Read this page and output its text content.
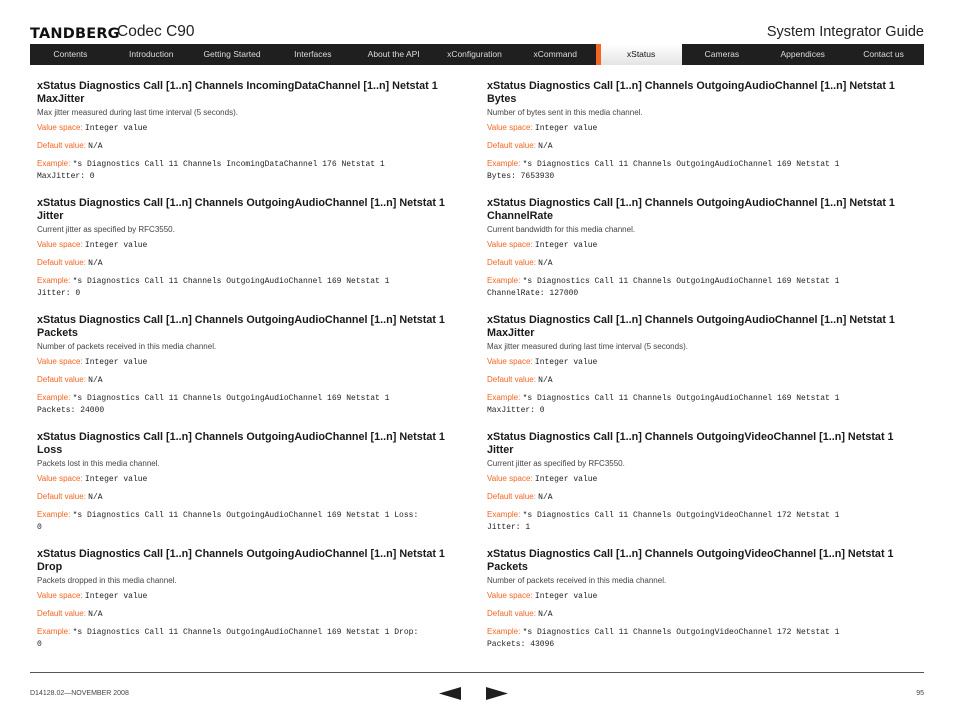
TANDBERG
Codec C90	System Integrator Guide
Contents	Introduction	Getting Started	Interfaces	About the API	xConfiguration	xCommand	xStatus	Cameras	Appendices	Contact us
xStatus Diagnostics Call [1..n] Channels IncomingDataChannel [1..n] Netstat 1 MaxJitter
Max jitter measured during last time interval (5 seconds).
Value space: Integer value
Default value: N/A
Example: *s Diagnostics Call 11 Channels IncomingDataChannel 176 Netstat 1
MaxJitter: 0
xStatus Diagnostics Call [1..n] Channels OutgoingAudioChannel [1..n] Netstat 1 Jitter
Current jitter as specified by RFC3550.
Value space: Integer value
Default value: N/A
Example: *s Diagnostics Call 11 Channels OutgoingAudioChannel 169 Netstat 1
Jitter: 0
xStatus Diagnostics Call [1..n] Channels OutgoingAudioChannel [1..n] Netstat 1 Packets
Number of packets received in this media channel.
Value space: Integer value
Default value: N/A
Example: *s Diagnostics Call 11 Channels OutgoingAudioChannel 169 Netstat 1
Packets: 24000
xStatus Diagnostics Call [1..n] Channels OutgoingAudioChannel [1..n] Netstat 1 Loss
Packets lost in this media channel.
Value space: Integer value
Default value: N/A
Example: *s Diagnostics Call 11 Channels OutgoingAudioChannel 169 Netstat 1 Loss:
0
xStatus Diagnostics Call [1..n] Channels OutgoingAudioChannel [1..n] Netstat 1 Drop
Packets dropped in this media channel.
Value space: Integer value
Default value: N/A
Example: *s Diagnostics Call 11 Channels OutgoingAudioChannel 169 Netstat 1 Drop:
0
xStatus Diagnostics Call [1..n] Channels OutgoingAudioChannel [1..n] Netstat 1 Bytes
Number of bytes sent in this media channel.
Value space: Integer value
Default value: N/A
Example: *s Diagnostics Call 11 Channels OutgoingAudioChannel 169 Netstat 1
Bytes: 7653930
xStatus Diagnostics Call [1..n] Channels OutgoingAudioChannel [1..n] Netstat 1 ChannelRate
Current bandwidth for this media channel.
Value space: Integer value
Default value: N/A
Example: *s Diagnostics Call 11 Channels OutgoingAudioChannel 169 Netstat 1
ChannelRate: 127000
xStatus Diagnostics Call [1..n] Channels OutgoingAudioChannel [1..n] Netstat 1 MaxJitter
Max jitter measured during last time interval (5 seconds).
Value space: Integer value
Default value: N/A
Example: *s Diagnostics Call 11 Channels OutgoingAudioChannel 169 Netstat 1
MaxJitter: 0
xStatus Diagnostics Call [1..n] Channels OutgoingVideoChannel [1..n] Netstat 1 Jitter
Current jitter as specified by RFC3550.
Value space: Integer value
Default value: N/A
Example: *s Diagnostics Call 11 Channels OutgoingVideoChannel 172 Netstat 1
Jitter: 1
xStatus Diagnostics Call [1..n] Channels OutgoingVideoChannel [1..n] Netstat 1 Packets
Number of packets received in this media channel.
Value space: Integer value
Default value: N/A
Example: *s Diagnostics Call 11 Channels OutgoingVideoChannel 172 Netstat 1
Packets: 43096
D14128.02—NOVEMBER 2008	95
